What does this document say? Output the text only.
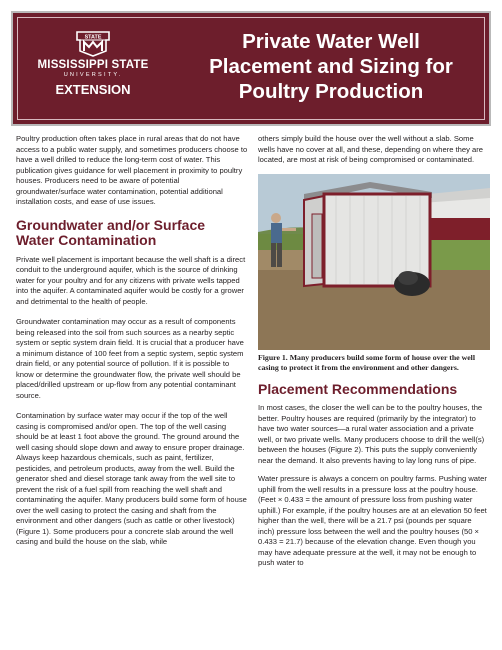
STATE
MISSISSIPPI STATE
UNIVERSITY.
EXTENSION
Private Water Well
Placement and Sizing for
Poultry Production

Poultry production often takes place in rural areas that do not have access to a public water supply, and sometimes producers choose to have a well drilled to reduce the long-term cost of water. This publication gives guidance for well placement in proximity to poultry houses. Producers need to be aware of potential groundwater/surface water contamination, potential additional installation costs, and ease of use issues.

Groundwater and/or Surface
Water Contamination

Private well placement is important because the well shaft is a direct conduit to the underground aquifer, which is the source of drinking water for your poultry and for any citizens with private wells tapped into the aquifer. A contaminated aquifer would be costly for a grower and detrimental to the health of people.

Groundwater contamination may occur as a result of components being released into the soil from such sources as a nearby septic system or septic system drain field. It is crucial that a producer have a minimum distance of 100 feet from a septic system, septic system drain field, or any potential source of pollution. If it is possible to know or determine the groundwater flow, the private well should be placed/drilled upstream or up-flow from any potential contaminant source.

Contamination by surface water may occur if the top of the well casing is compromised and/or open. The top of the well casing should be at least 1 foot above the ground. The ground around the well casing should slope down and away to ensure proper drainage. Always keep hazardous chemicals, such as paint, fertilizer, pesticides, and petroleum products, away from the well. Build the generator shed and diesel storage tank away from the well site to prevent the risk of a fuel spill from reaching the well shaft and contaminating the aquifer. Many producers build some form of house over the well casing to protect the casing and shaft from the environment and other dangers (such as cattle or other livestock) (Figure 1). Some producers pour a concrete slab around the well casing and build the house on the slab, while

others simply build the house over the well without a slab. Some wells have no cover at all, and these, depending on where they are located, are most at risk of being compromised or contaminated.

Figure 1. Many producers build some form of house over the well casing to protect it from the environment and other dangers.

Placement Recommendations

In most cases, the closer the well can be to the poultry houses, the better. Poultry houses are required (primarily by the integrator) to have two water sources—a rural water association and a private well, or two private wells. Many producers choose to drill the well(s) between the houses (Figure 2). This puts the supply conveniently near the demand. It also prevents having to lay long runs of pipe.

Water pressure is always a concern on poultry farms. Pushing water uphill from the well results in a pressure loss at the poultry house. (Feet × 0.433 = the amount of pressure loss from pushing water uphill.) For example, if the poultry houses are at an elevation 50 feet higher than the well, there will be a 21.7 psi (pounds per square inch) pressure loss between the well and the poultry houses (50 × 0.433 = 21.7) because of the elevation change. Even though you may have adequate pressure at the well, it may not be enough to push water to
